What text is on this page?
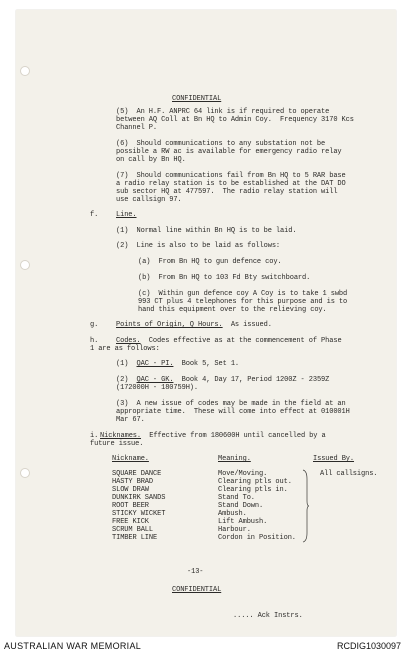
CONFIDENTIAL
(5)  An H.F. ANPRC 64 link is if required to operate
between AQ Coll at Bn HQ to Admin Coy.  Frequency 3170 Kcs
Channel P.
(6)  Should communications to any substation not be
possible a RW ac is available for emergency radio relay
on call by Bn HQ.
(7)  Should communications fail from Bn HQ to 5 RAR base
a radio relay station is to be established at the DAT DO
sub sector HQ at 477597.  The radio relay station will
use callsign 97.
f.	Line.
(1)  Normal line within Bn HQ is to be laid.
(2)  Line is also to be laid as follows:
(a)  From Bn HQ to gun defence coy.
(b)  From Bn HQ to 103 Fd Bty switchboard.
(c)  Within gun defence coy A Coy is to take 1 swbd
993 CT plus 4 telephones for this purpose and is to
hand this equipment over to the relieving coy.
g.	Points of Origin, Q Hours.  As issued.
h.	Codes.  Codes effective as at the commencement of Phase
1 are as follows:
(1)  QAC - PI.  Book 5, Set 1.
(2)  QAC - GK.  Book 4, Day 17, Period 1200Z - 2359Z
(172000H - 180759H).
(3)  A new issue of codes may be made in the field at an
appropriate time.  These will come into effect at 010001H
Mar 67.
i. Nicknames.  Effective from 180600H until cancelled by a
future issue.
Nickname.	Meaning.	Issued By.
SQUARE DANCE	Move/Moving.
HASTY BRAD	Clearing ptls out.
SLOW DRAW	Clearing ptls in.
DUNKIRK SANDS	Stand To.
ROOT BEER	Stand Down.
STICKY WICKET	Ambush.
FREE KICK	Lift Ambush.
SCRUM BALL	Harbour.
TIMBER LINE	Cordon in Position.
All callsigns.
-13-
CONFIDENTIAL
..... Ack Instrs.
AUSTRALIAN WAR MEMORIAL	RCDIG1030097
